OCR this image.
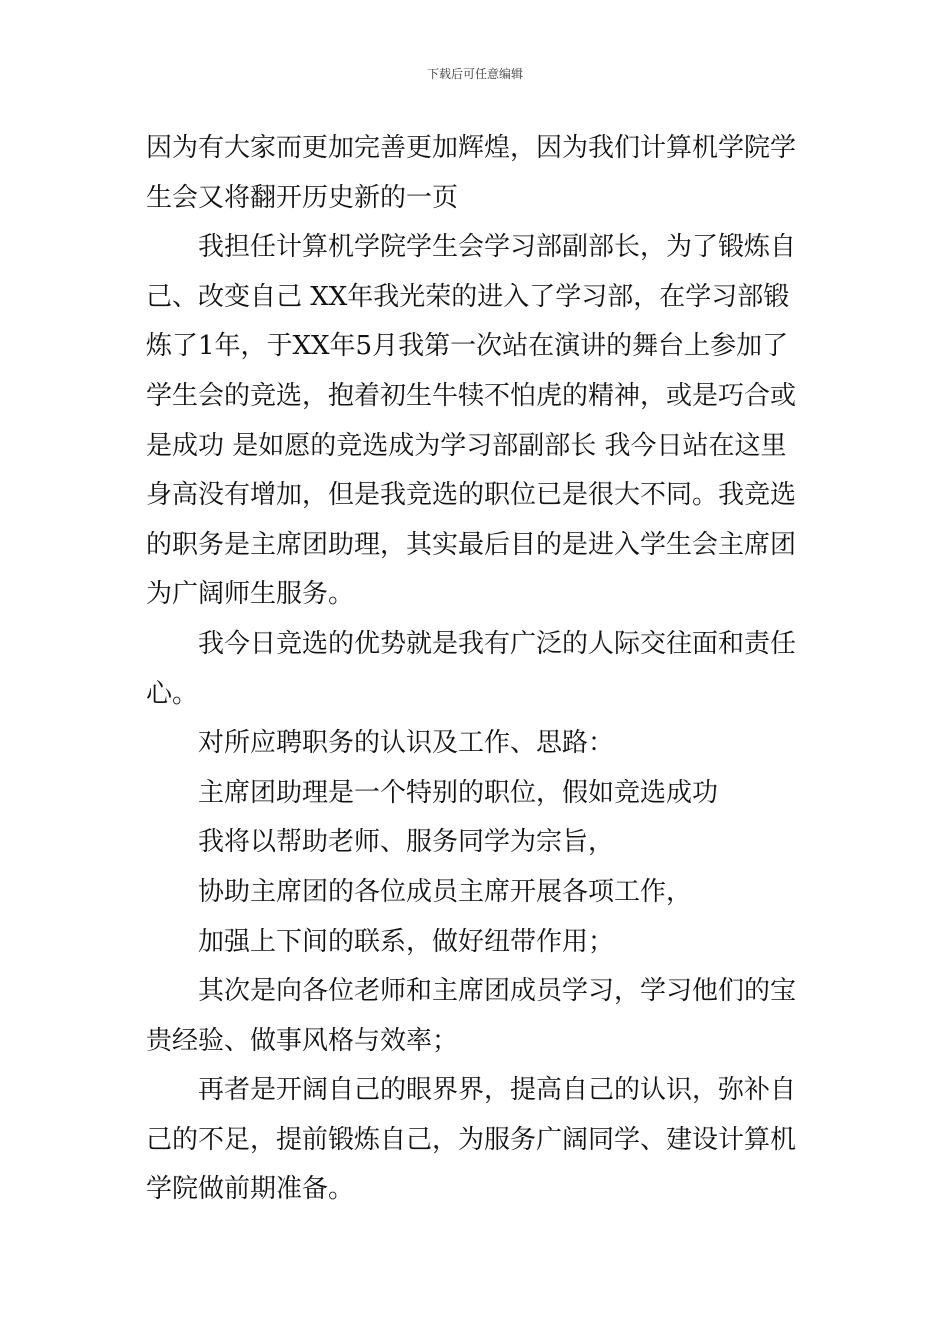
下载后可任意编辑

因为有大家而更加完善更加辉煌，因为我们计算机学院学生会又将翻开历史新的一页

我担任计算机学院学生会学习部副部长，为了锻炼自己、改变自己 XX年我光荣的进入了学习部，在学习部锻炼了1年，于XX年5月我第一次站在演讲的舞台上参加了学生会的竞选，抱着初生牛犊不怕虎的精神，或是巧合或是成功 是如愿的竞选成为学习部副部长 我今日站在这里身高没有增加，但是我竞选的职位已是很大不同。我竞选的职务是主席团助理，其实最后目的是进入学生会主席团为广阔师生服务。

我今日竞选的优势就是我有广泛的人际交往面和责任心。

对所应聘职务的认识及工作、思路：

主席团助理是一个特别的职位，假如竞选成功

我将以帮助老师、服务同学为宗旨，

协助主席团的各位成员主席开展各项工作，

加强上下间的联系，做好纽带作用；

其次是向各位老师和主席团成员学习，学习他们的宝贵经验、做事风格与效率；

再者是开阔自己的眼界界，提高自己的认识，弥补自己的不足，提前锻炼自己，为服务广阔同学、建设计算机学院做前期准备。
